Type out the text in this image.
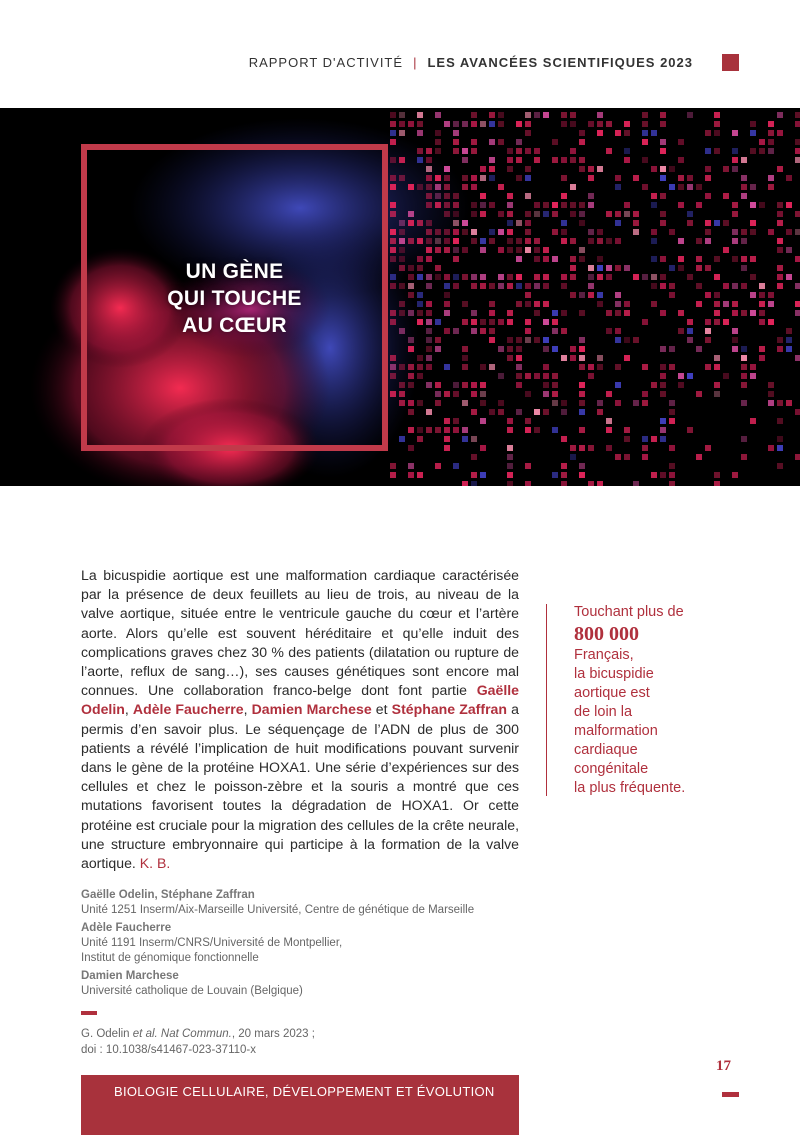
RAPPORT D'ACTIVITÉ | LES AVANCÉES SCIENTIFIQUES 2023
UN GÈNE
QUI TOUCHE
AU CŒUR
La bicuspidie aortique est une malformation cardiaque caractérisée par la présence de deux feuillets au lieu de trois, au niveau de la valve aortique, située entre le ventricule gauche du cœur et l’artère aorte. Alors qu’elle est souvent héréditaire et qu’elle induit des complications graves chez 30 % des patients (dilatation ou rupture de l’aorte, reflux de sang…), ses causes génétiques sont encore mal connues. Une collaboration franco-belge dont font partie Gaëlle Odelin, Adèle Faucherre, Damien Marchese et Stéphane Zaffran a permis d’en savoir plus. Le séquençage de l’ADN de plus de 300 patients a révélé l’implication de huit modifications pouvant survenir dans le gène de la protéine HOXA1. Une série d’expériences sur des cellules et chez le poisson-zèbre et la souris a montré que ces mutations favorisent toutes la dégradation de HOXA1. Or cette protéine est cruciale pour la migration des cellules de la crête neurale, une structure embryonnaire qui participe à la formation de la valve aortique. K. B.
Touchant plus de
800 000
Français,
la bicuspidie
aortique est
de loin la
malformation
cardiaque
congénitale
la plus fréquente.
Gaëlle Odelin, Stéphane Zaffran
Unité 1251 Inserm/Aix-Marseille Université, Centre de génétique de Marseille
Adèle Faucherre
Unité 1191 Inserm/CNRS/Université de Montpellier,
Institut de génomique fonctionnelle
Damien Marchese
Université catholique de Louvain (Belgique)
G. Odelin et al. Nat Commun., 20 mars 2023 ;
doi : 10.1038/s41467-023-37110-x
17
BIOLOGIE CELLULAIRE, DÉVELOPPEMENT ET ÉVOLUTION
